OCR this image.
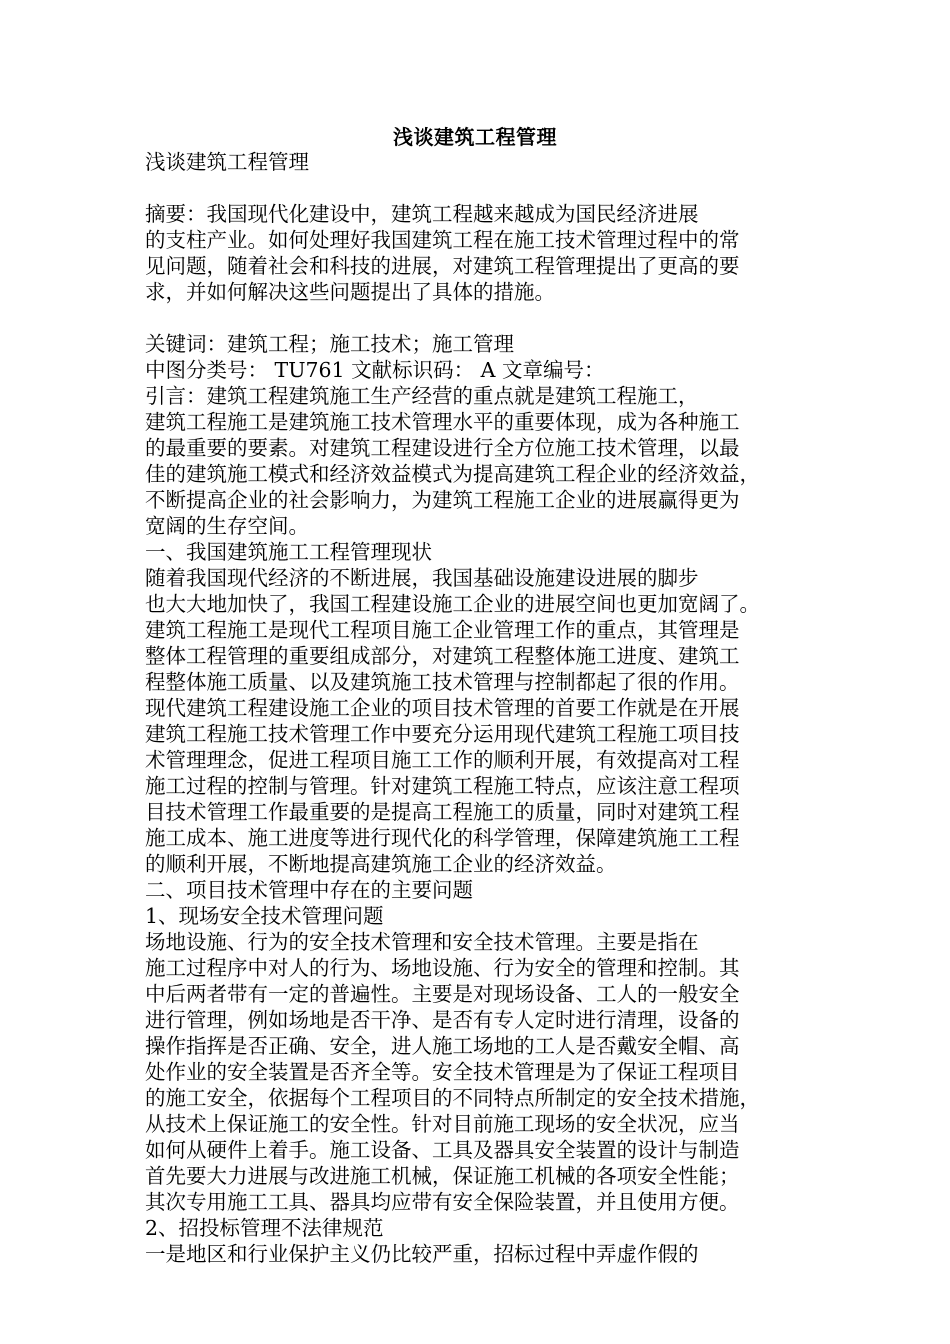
浅谈建筑工程管理
浅谈建筑工程管理
摘要：我国现代化建设中，建筑工程越来越成为国民经济进展
的支柱产业。如何处理好我国建筑工程在施工技术管理过程中的常
见问题，随着社会和科技的进展，对建筑工程管理提出了更高的要
求，并如何解决这些问题提出了具体的措施。
关键词：建筑工程；施工技术；施工管理
中图分类号： TU761 文献标识码： A 文章编号：
引言：建筑工程建筑施工生产经营的重点就是建筑工程施工，
建筑工程施工是建筑施工技术管理水平的重要体现，成为各种施工
的最重要的要素。对建筑工程建设进行全方位施工技术管理，以最
佳的建筑施工模式和经济效益模式为提高建筑工程企业的经济效益，
不断提高企业的社会影响力，为建筑工程施工企业的进展赢得更为
宽阔的生存空间。
一、我国建筑施工工程管理现状
随着我国现代经济的不断进展，我国基础设施建设进展的脚步
也大大地加快了，我国工程建设施工企业的进展空间也更加宽阔了。
建筑工程施工是现代工程项目施工企业管理工作的重点，其管理是
整体工程管理的重要组成部分，对建筑工程整体施工进度、建筑工
程整体施工质量、以及建筑施工技术管理与控制都起了很的作用。
现代建筑工程建设施工企业的项目技术管理的首要工作就是在开展
建筑工程施工技术管理工作中要充分运用现代建筑工程施工项目技
术管理理念，促进工程项目施工工作的顺利开展，有效提高对工程
施工过程的控制与管理。针对建筑工程施工特点，应该注意工程项
目技术管理工作最重要的是提高工程施工的质量，同时对建筑工程
施工成本、施工进度等进行现代化的科学管理，保障建筑施工工程
的顺利开展，不断地提高建筑施工企业的经济效益。
二、项目技术管理中存在的主要问题
1、现场安全技术管理问题
场地设施、行为的安全技术管理和安全技术管理。主要是指在
施工过程序中对人的行为、场地设施、行为安全的管理和控制。其
中后两者带有一定的普遍性。主要是对现场设备、工人的一般安全
进行管理，例如场地是否干净、是否有专人定时进行清理，设备的
操作指挥是否正确、安全，进人施工场地的工人是否戴安全帽、高
处作业的安全装置是否齐全等。安全技术管理是为了保证工程项目
的施工安全，依据每个工程项目的不同特点所制定的安全技术措施，
从技术上保证施工的安全性。针对目前施工现场的安全状况，应当
如何从硬件上着手。施工设备、工具及器具安全装置的设计与制造
首先要大力进展与改进施工机械，保证施工机械的各项安全性能；
其次专用施工工具、器具均应带有安全保险装置，并且使用方便。
2、招投标管理不法律规范
一是地区和行业保护主义仍比较严重，招标过程中弄虚作假的
